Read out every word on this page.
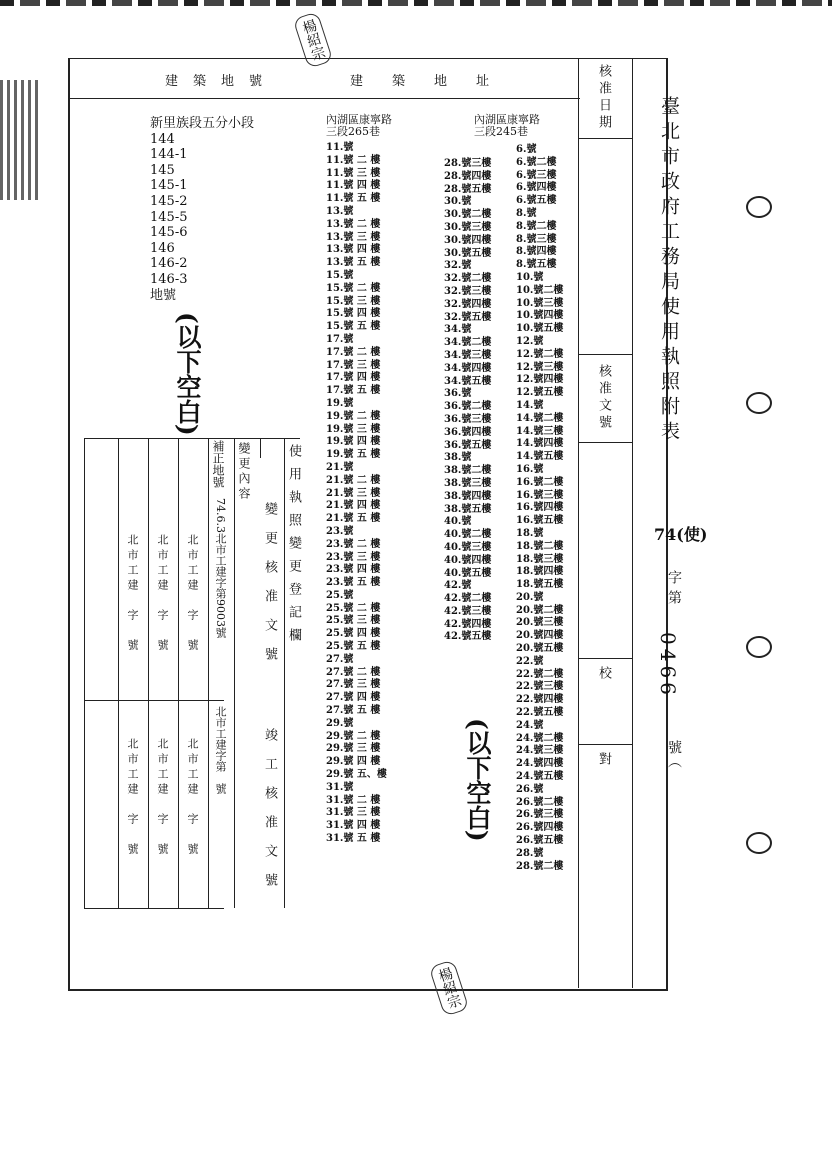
建　築　地　號	建　　築　　地　　址	核准日期
核准文號
校　對
臺北市政府工務局使用執照附表
74(使)
字第
0466
號（
新里族段五分小段
144
144-1
145
145-1
145-2
145-5
145-6
146
146-2
146-3
地號
(以下空白)
內湖區康寧路
三段265巷
內湖區康寧路
三段245巷
11.號
11.號 二 樓
11.號 三 樓
11.號 四 樓
11.號 五 樓
13.號
13.號 二 樓
13.號 三 樓
13.號 四 樓
13.號 五 樓
15.號
15.號 二 樓
15.號 三 樓
15.號 四 樓
15.號 五 樓
17.號
17.號 二 樓
17.號 三 樓
17.號 四 樓
17.號 五 樓
19.號
19.號 二 樓
19.號 三 樓
19.號 四 樓
19.號 五 樓
21.號
21.號 二 樓
21.號 三 樓
21.號 四 樓
21.號 五 樓
23.號
23.號 二 樓
23.號 三 樓
23.號 四 樓
23.號 五 樓
25.號
25.號 二 樓
25.號 三 樓
25.號 四 樓
25.號 五 樓
27.號
27.號 二 樓
27.號 三 樓
27.號 四 樓
27.號 五 樓
29.號
29.號 二 樓
29.號 三 樓
29.號 四 樓
29.號 五、樓
31.號
31.號 二 樓
31.號 三 樓
31.號 四 樓
31.號 五 樓
28.號三樓
28.號四樓
28.號五樓
30.號
30.號二樓
30.號三樓
30.號四樓
30.號五樓
32.號
32.號二樓
32.號三樓
32.號四樓
32.號五樓
34.號
34.號二樓
34.號三樓
34.號四樓
34.號五樓
36.號
36.號二樓
36.號三樓
36.號四樓
36.號五樓
38.號
38.號二樓
38.號三樓
38.號四樓
38.號五樓
40.號
40.號二樓
40.號三樓
40.號四樓
40.號五樓
42.號
42.號二樓
42.號三樓
42.號四樓
42.號五樓
6.號
6.號二樓
6.號三樓
6.號四樓
6.號五樓
8.號
8.號二樓
8.號三樓
8.號四樓
8.號五樓
10.號
10.號二樓
10.號三樓
10.號四樓
10.號五樓
12.號
12.號二樓
12.號三樓
12.號四樓
12.號五樓
14.號
14.號二樓
14.號三樓
14.號四樓
14.號五樓
16.號
16.號二樓
16.號三樓
16.號四樓
16.號五樓
18.號
18.號二樓
18.號三樓
18.號四樓
18.號五樓
20.號
20.號二樓
20.號三樓
20.號四樓
20.號五樓
22.號
22.號二樓
22.號三樓
22.號四樓
22.號五樓
24.號
24.號二樓
24.號三樓
24.號四樓
24.號五樓
26.號
26.號二樓
26.號三樓
26.號四樓
26.號五樓
28.號
28.號二樓
(以下空白)
使用執照變更登記欄
變更內容
變更核准文號
竣工核准文號
補正地號
74.6.3北市工建字第9003號
北市工建字第　號
北市工建　字　號
北市工建　字　號
北市工建　字　號
北市工建　字　號
北市工建　字　號
北市工建　字　號
楊紹宗
楊紹宗
